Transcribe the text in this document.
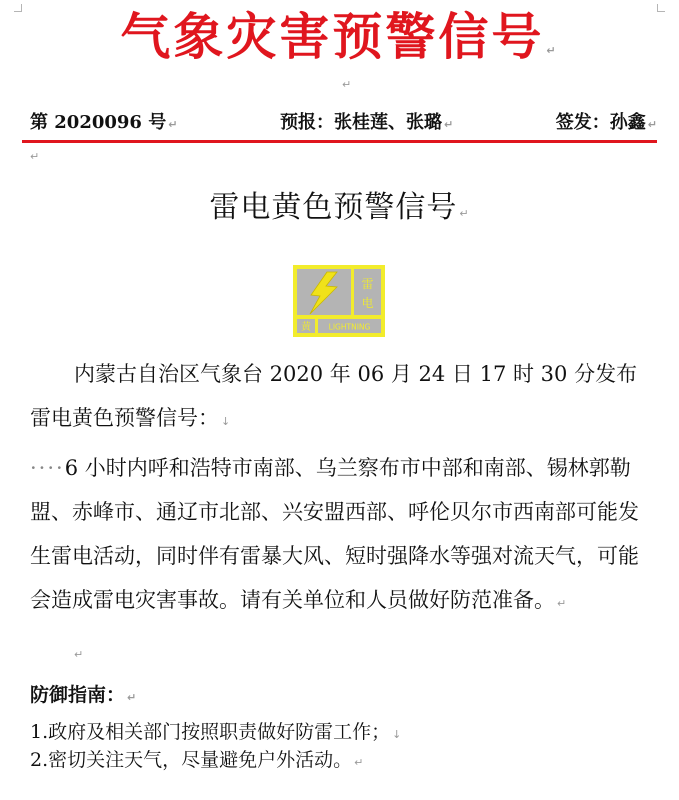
气象灾害预警信号 ↵
↵
第 2020096 号 ↵	预报：张桂莲、张璐 ↵	签发：孙鑫 ↵
↵
雷电黄色预警信号 ↵
雷
电
黄 LIGHTNING
内蒙古自治区气象台 2020 年 06 月 24 日 17 时 30 分发布雷电黄色预警信号： ↓
····6 小时内呼和浩特市南部、乌兰察布市中部和南部、锡林郭勒盟、赤峰市、通辽市北部、兴安盟西部、呼伦贝尔市西南部可能发生雷电活动，同时伴有雷暴大风、短时强降水等强对流天气，可能会造成雷电灾害事故。请有关单位和人员做好防范准备。 ↵
↵
防御指南： ↵
1.政府及相关部门按照职责做好防雷工作； ↓
2.密切关注天气，尽量避免户外活动。 ↵
